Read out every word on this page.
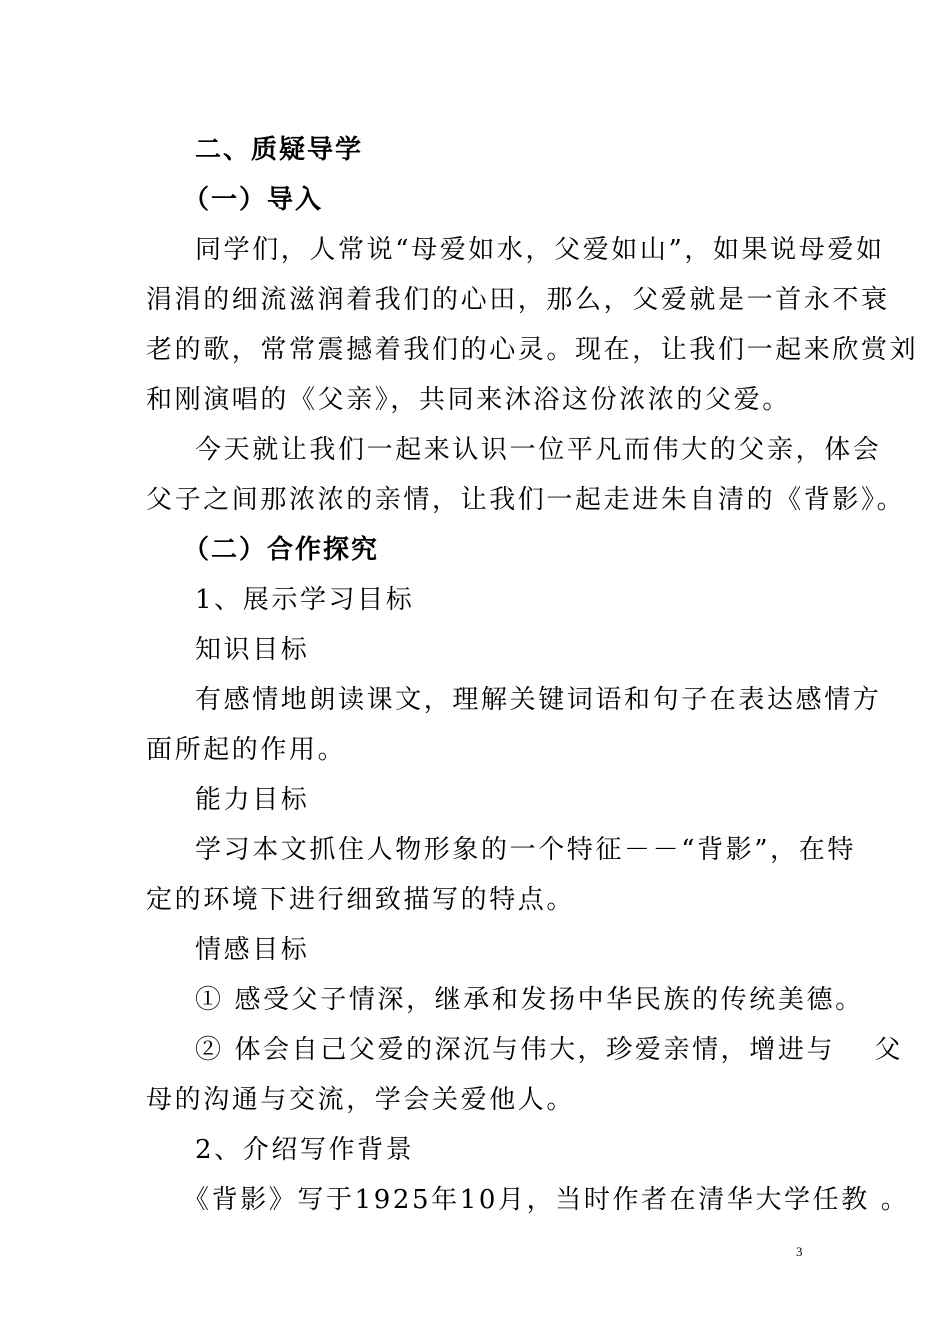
二、质疑导学
（一）导入
同学们，人常说“母爱如水，父爱如山”，如果说母爱如
涓涓的细流滋润着我们的心田，那么，父爱就是一首永不衰
老的歌，常常震撼着我们的心灵。现在，让我们一起来欣赏刘
和刚演唱的《父亲》，共同来沐浴这份浓浓的父爱。
今天就让我们一起来认识一位平凡而伟大的父亲，体会
父子之间那浓浓的亲情，让我们一起走进朱自清的《背影》。
（二）合作探究
1、展示学习目标
知识目标
有感情地朗读课文，理解关键词语和句子在表达感情方
面所起的作用。
能力目标
学习本文抓住人物形象的一个特征－－“背影”，在特
定的环境下进行细致描写的特点。
情感目标
① 感受父子情深，继承和发扬中华民族的传统美德。
② 体会自己父爱的深沉与伟大，珍爱亲情，增进与　 父
母的沟通与交流，学会关爱他人。
2、介绍写作背景
《背影》写于1925年10月，当时作者在清华大学任教 。
3
